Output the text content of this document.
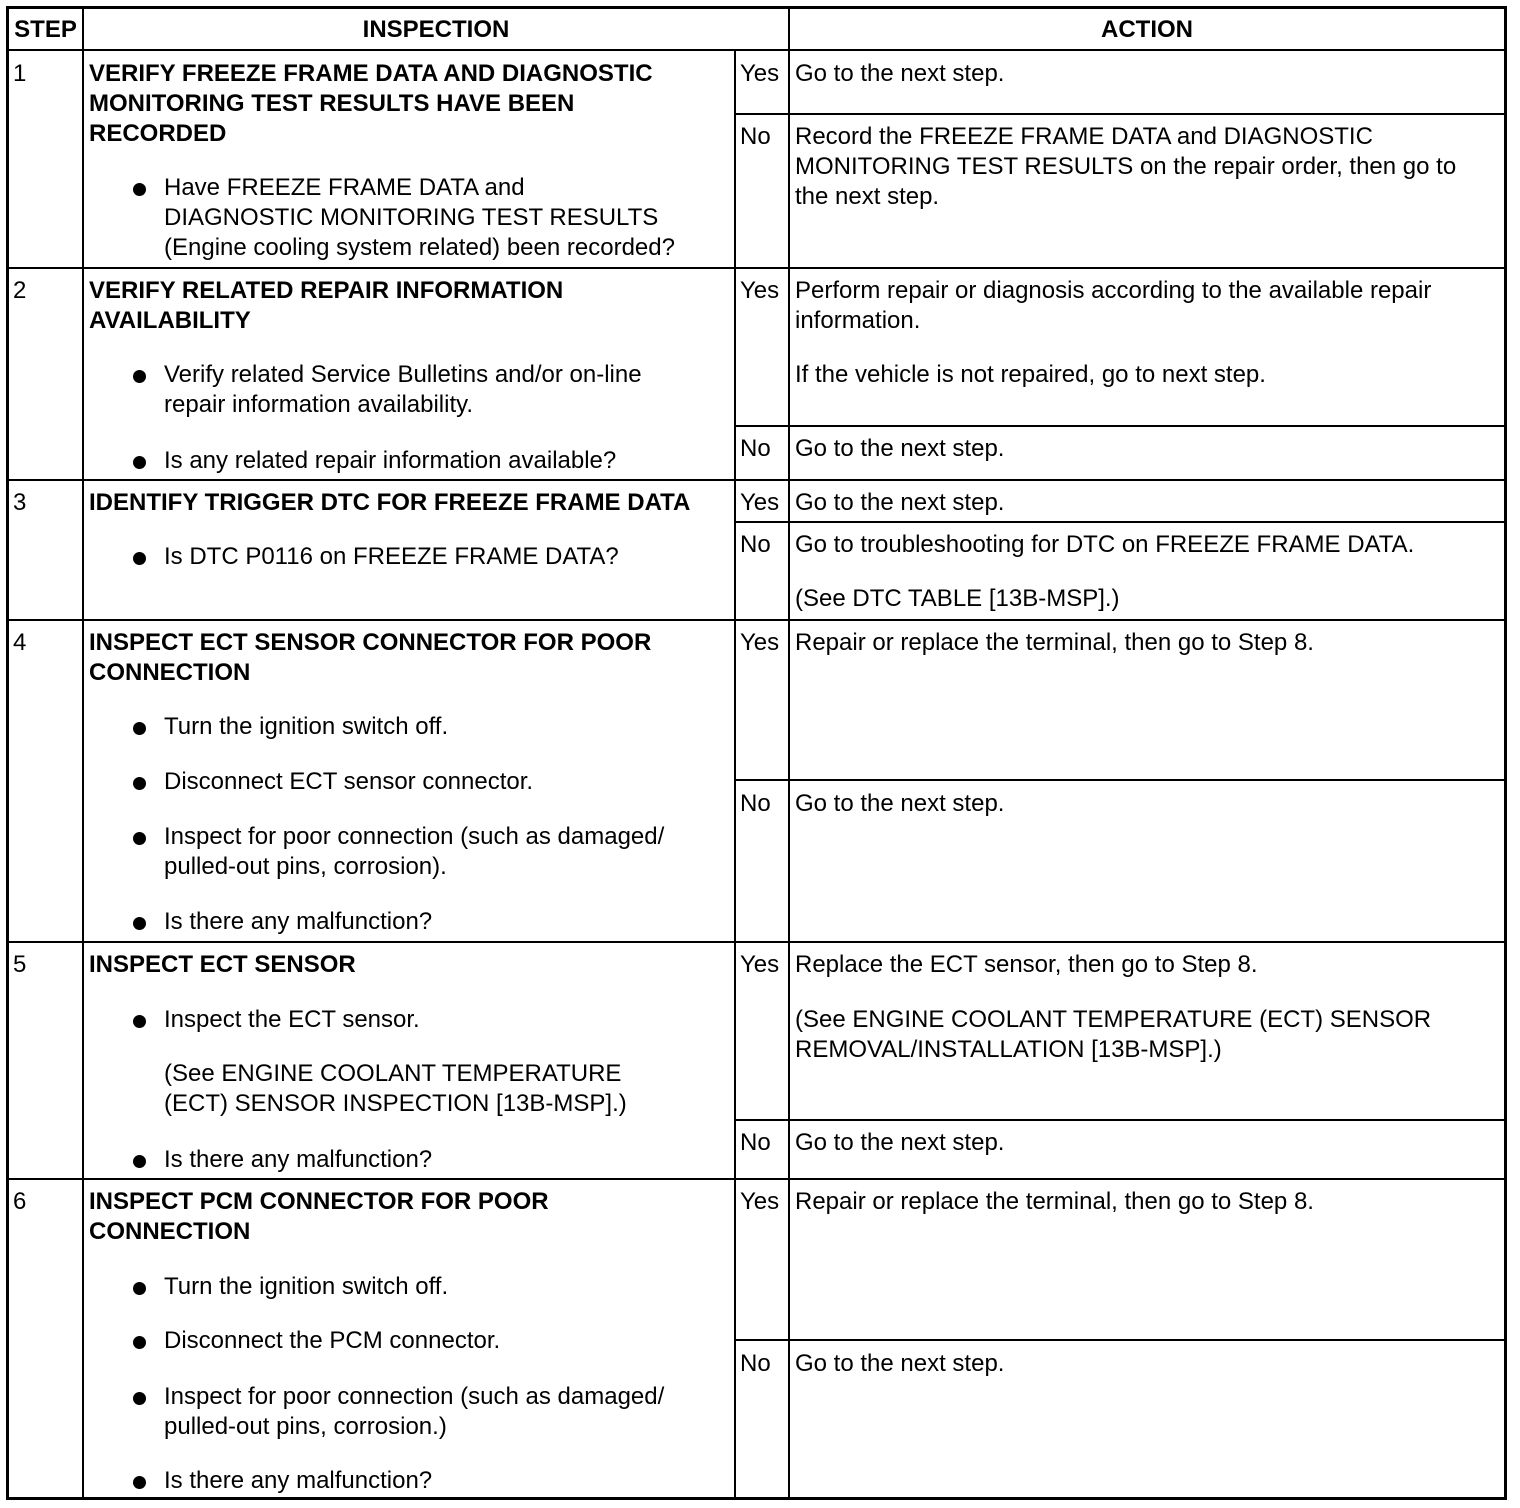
STEP	INSPECTION	ACTION
1	VERIFY FREEZE FRAME DATA AND DIAGNOSTIC
MONITORING TEST RESULTS HAVE BEEN
RECORDED
Have FREEZE FRAME DATA and
DIAGNOSTIC MONITORING TEST RESULTS
(Engine cooling system related) been recorded?
Yes Go to the next step.
No Record the FREEZE FRAME DATA and DIAGNOSTIC
MONITORING TEST RESULTS on the repair order, then go to
the next step.
2	VERIFY RELATED REPAIR INFORMATION
AVAILABILITY
Verify related Service Bulletins and/or on-line
repair information availability.
Is any related repair information available?
Yes Perform repair or diagnosis according to the available repair
information.
If the vehicle is not repaired, go to next step.
No Go to the next step.
3	IDENTIFY TRIGGER DTC FOR FREEZE FRAME DATA
Is DTC P0116 on FREEZE FRAME DATA?
Yes Go to the next step.
No Go to troubleshooting for DTC on FREEZE FRAME DATA.
(See DTC TABLE [13B-MSP].)
4	INSPECT ECT SENSOR CONNECTOR FOR POOR
CONNECTION
Turn the ignition switch off.
Disconnect ECT sensor connector.
Inspect for poor connection (such as damaged/
pulled-out pins, corrosion).
Is there any malfunction?
Yes Repair or replace the terminal, then go to Step 8.
No Go to the next step.
5	INSPECT ECT SENSOR
Inspect the ECT sensor.
(See ENGINE COOLANT TEMPERATURE
(ECT) SENSOR INSPECTION [13B-MSP].)
Is there any malfunction?
Yes Replace the ECT sensor, then go to Step 8.
(See ENGINE COOLANT TEMPERATURE (ECT) SENSOR
REMOVAL/INSTALLATION [13B-MSP].)
No Go to the next step.
6	INSPECT PCM CONNECTOR FOR POOR
CONNECTION
Turn the ignition switch off.
Disconnect the PCM connector.
Inspect for poor connection (such as damaged/
pulled-out pins, corrosion.)
Is there any malfunction?
Yes Repair or replace the terminal, then go to Step 8.
No Go to the next step.
